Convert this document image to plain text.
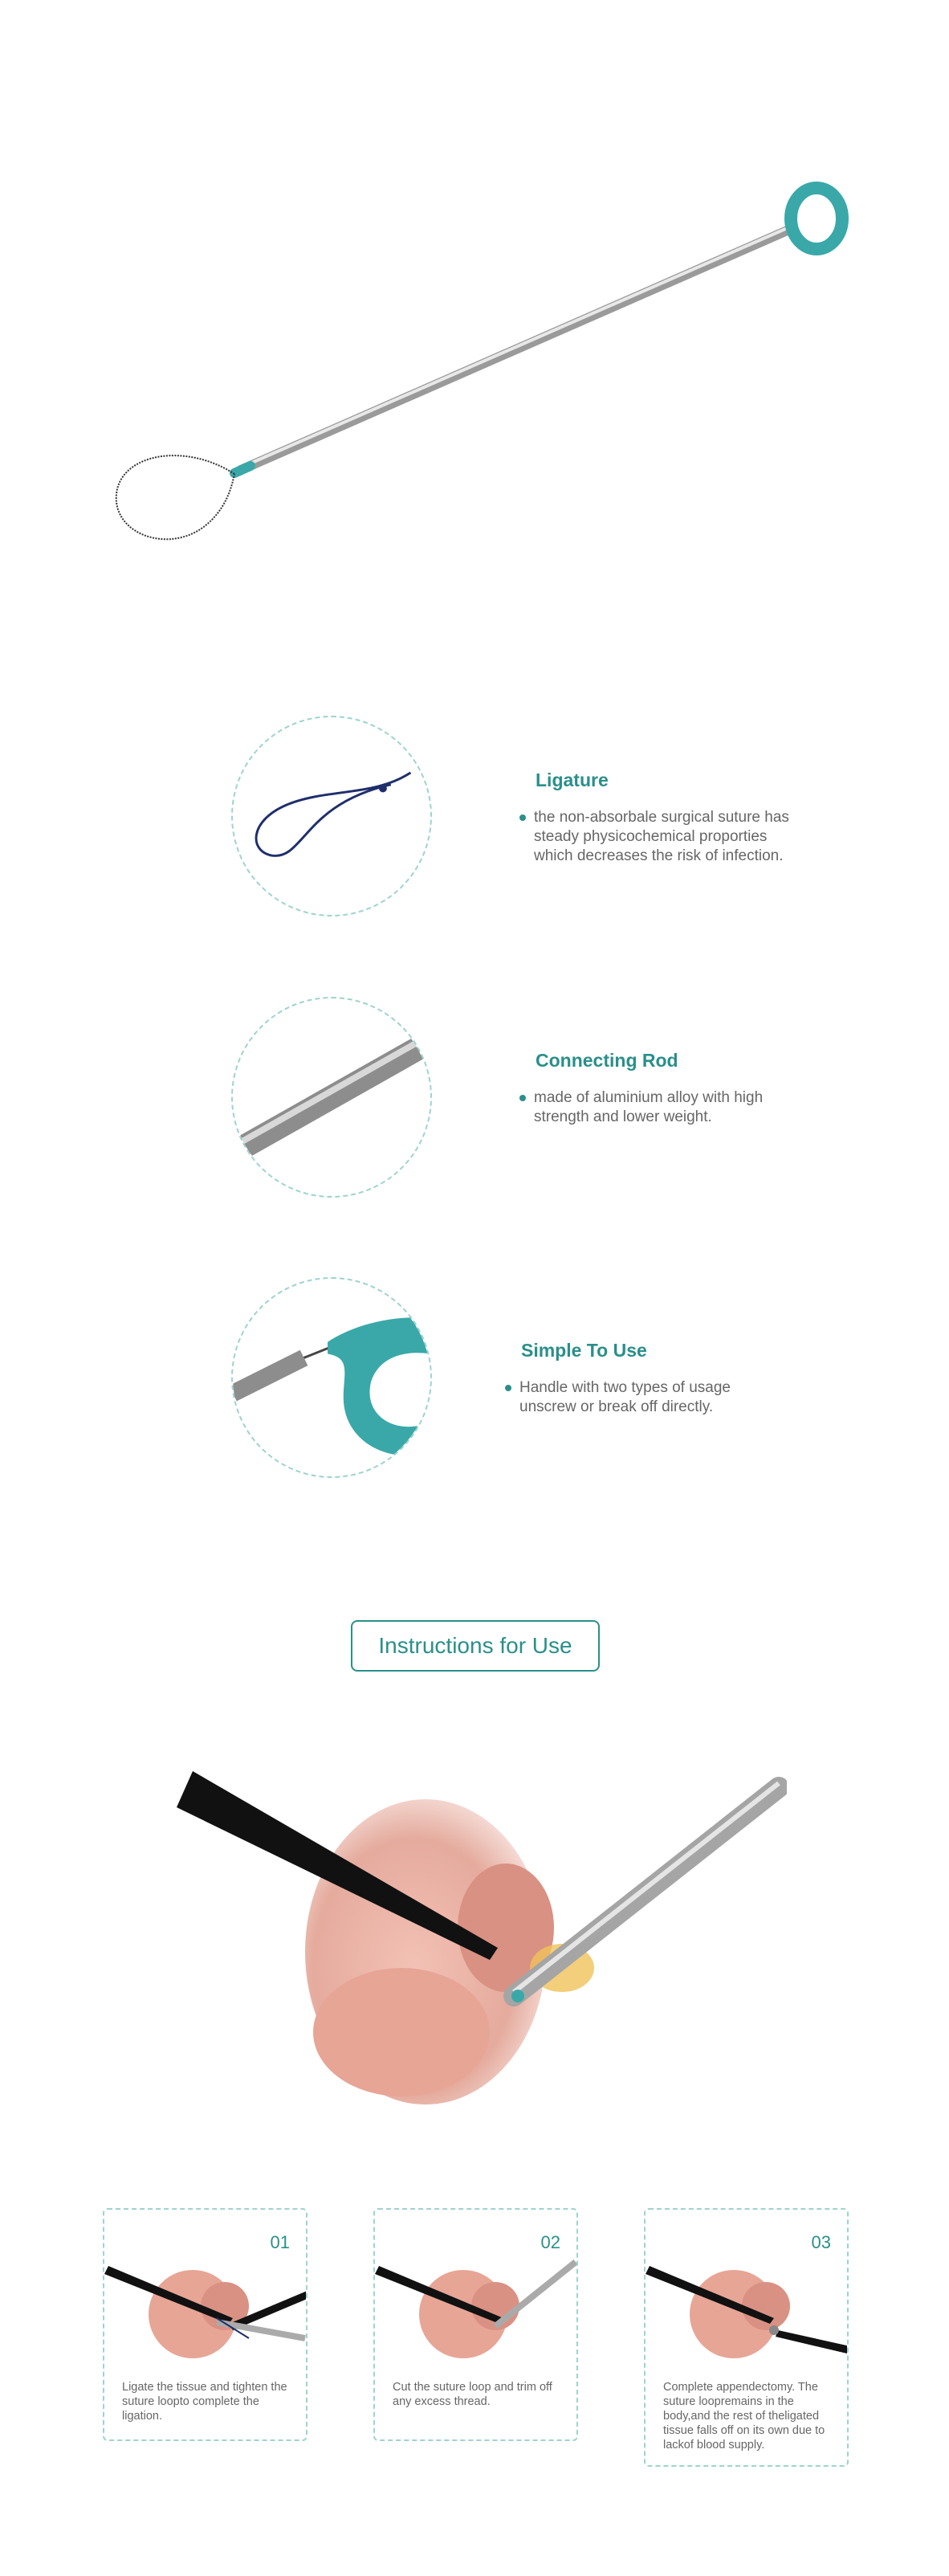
Ligature
the non-absorbale surgical suture has steady physicochemical proporties which decreases the risk of infection.
Connecting Rod
made of aluminium alloy with high strength and lower weight.
Simple To Use
Handle with two types of usage unscrew or break off directly.
Instructions for Use
01
Ligate the tissue and tighten the suture loopto complete the ligation.
02
Cut the suture loop and trim off any excess thread.
03
Complete appendectomy. The suture loopremains in the body,and the rest of theligated tissue falls off on its own due to lackof blood supply.
